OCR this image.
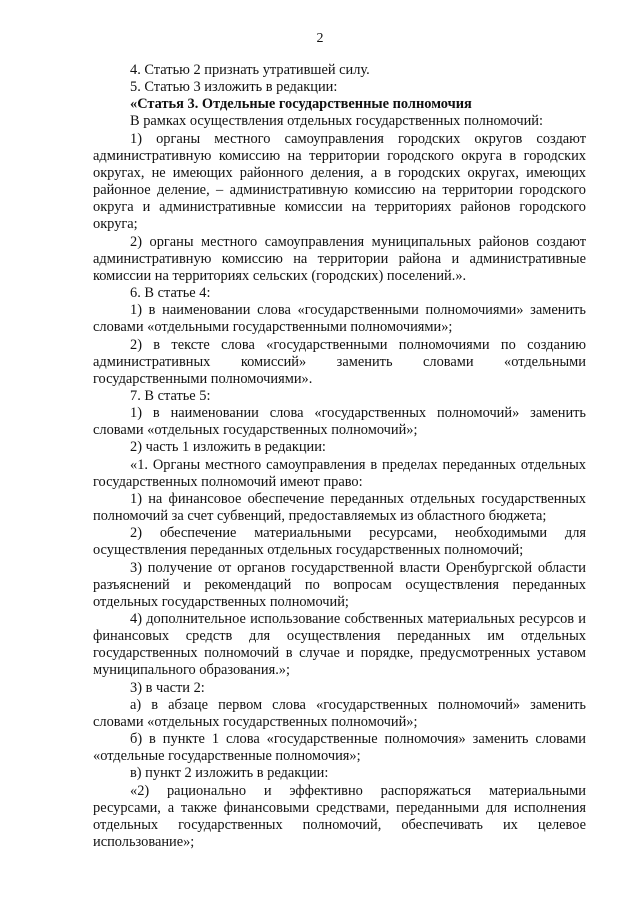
2

4. Статью 2 признать утратившей силу.

5. Статью 3 изложить в редакции:

«Статья 3. Отдельные государственные полномочия

В рамках осуществления отдельных государственных полномочий:

1) органы местного самоуправления городских округов создают административную комиссию на территории городского округа в городских округах, не имеющих районного деления, а в городских округах, имеющих районное деление, – административную комиссию на территории городского округа и административные комиссии на территориях районов городского округа;

2) органы местного самоуправления муниципальных районов создают административную комиссию на территории района и административные комиссии на территориях сельских (городских) поселений.».

6. В статье 4:

1) в наименовании слова «государственными полномочиями» заменить словами «отдельными государственными полномочиями»;

2) в тексте слова «государственными полномочиями по созданию административных комиссий» заменить словами «отдельными государственными полномочиями».

7. В статье 5:

1) в наименовании слова «государственных полномочий» заменить словами «отдельных государственных полномочий»;

2) часть 1 изложить в редакции:

«1. Органы местного самоуправления в пределах переданных отдельных государственных полномочий имеют право:

1) на финансовое обеспечение переданных отдельных государственных полномочий за счет субвенций, предоставляемых из областного бюджета;

2) обеспечение материальными ресурсами, необходимыми для осуществления переданных отдельных государственных полномочий;

3) получение от органов государственной власти Оренбургской области разъяснений и рекомендаций по вопросам осуществления переданных отдельных государственных полномочий;

4) дополнительное использование собственных материальных ресурсов и финансовых средств для осуществления переданных им отдельных государственных полномочий в случае и порядке, предусмотренных уставом муниципального образования.»;

3) в части 2:

а) в абзаце первом слова «государственных полномочий» заменить словами «отдельных государственных полномочий»;

б) в пункте 1 слова «государственные полномочия» заменить словами «отдельные государственные полномочия»;

в) пункт 2 изложить в редакции:

«2) рационально и эффективно распоряжаться материальными ресурсами, а также финансовыми средствами, переданными для исполнения отдельных государственных полномочий, обеспечивать их целевое использование»;
